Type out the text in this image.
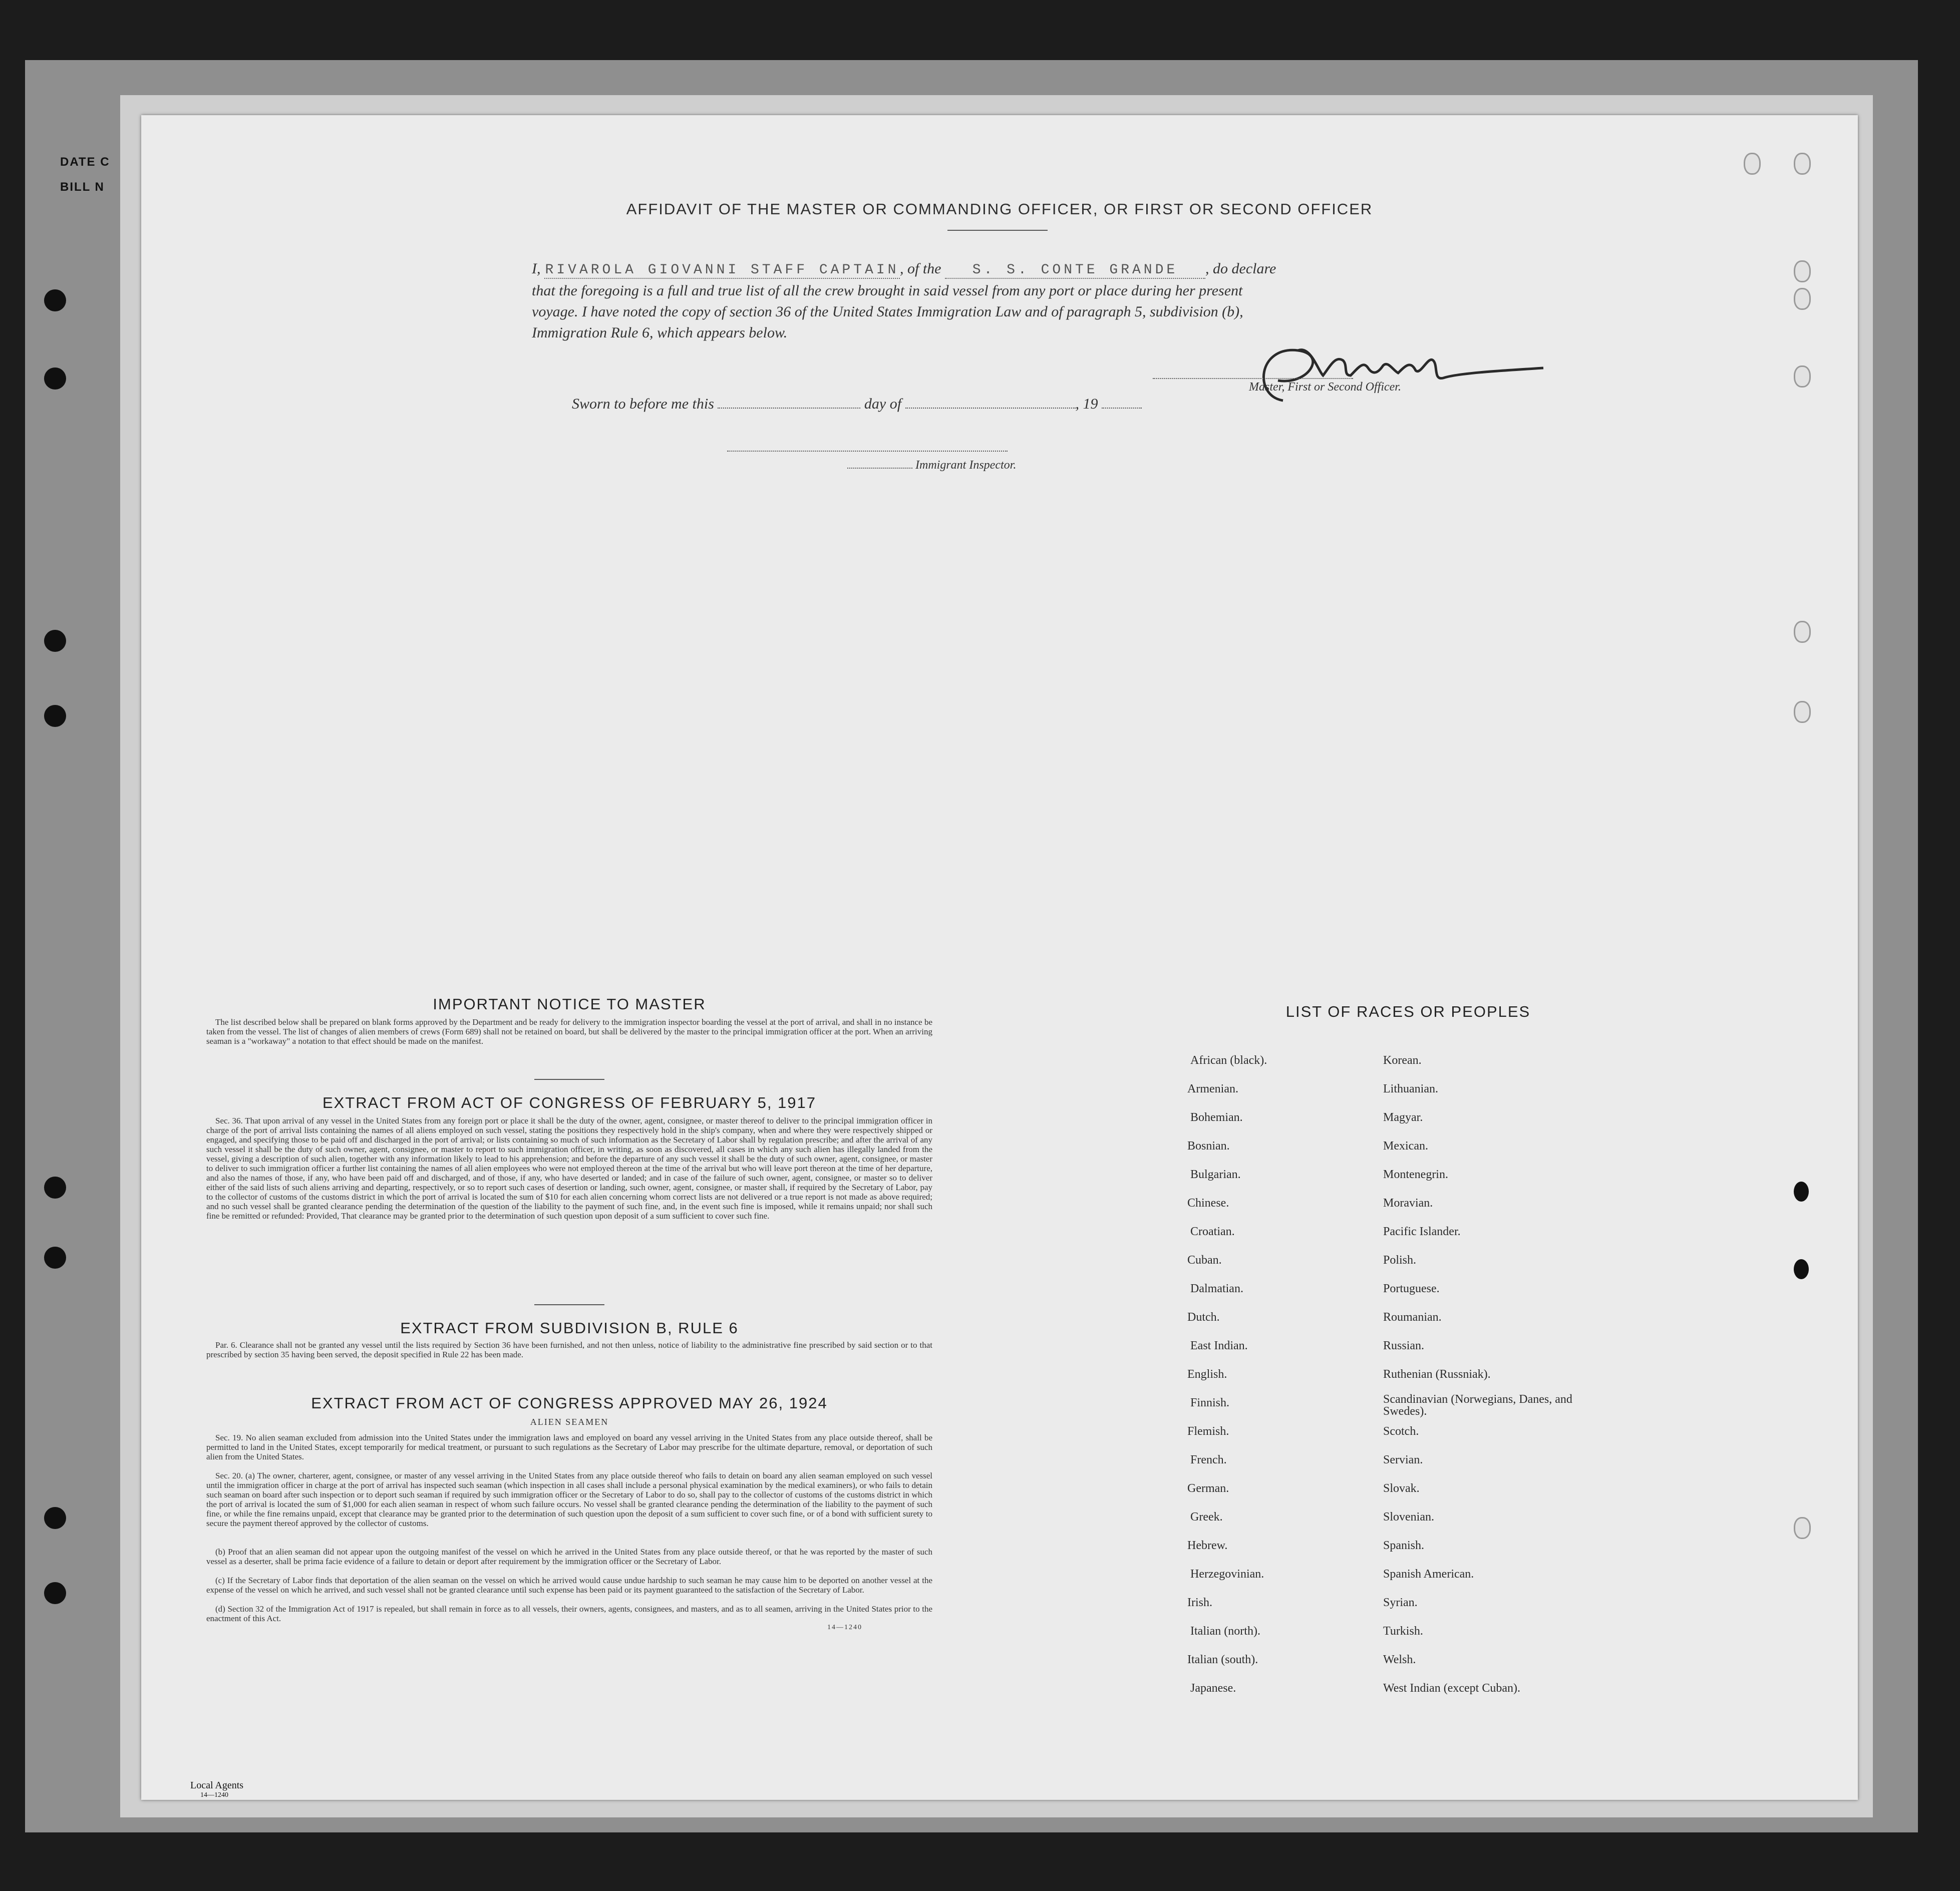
DATE C
BILL N
AFFIDAVIT OF THE MASTER OR COMMANDING OFFICER, OR FIRST OR SECOND OFFICER
I, RIVAROLA GIOVANNI STAFF CAPTAIN, of the S. S. CONTE GRANDE , do declare
that the foregoing is a full and true list of all the crew brought in said vessel from any port or place during her present
voyage. I have noted the copy of section 36 of the United States Immigration Law and of paragraph 5, subdivision (b),
Immigration Rule 6, which appears below.
Master, First or Second Officer.
Sworn to before me this	day of	, 19
Immigrant Inspector.
IMPORTANT NOTICE TO MASTER
The list described below shall be prepared on blank forms approved by the Department and be ready for delivery to the immigration inspector boarding the vessel at the port of arrival, and shall in no instance be taken from the vessel. The list of changes of alien members of crews (Form 689) shall not be retained on board, but shall be delivered by the master to the principal immigration officer at the port. When an arriving seaman is a "workaway" a notation to that effect should be made on the manifest.
EXTRACT FROM ACT OF CONGRESS OF FEBRUARY 5, 1917
Sec. 36. That upon arrival of any vessel in the United States from any foreign port or place it shall be the duty of the owner, agent, consignee, or master thereof to deliver to the principal immigration officer in charge of the port of arrival lists containing the names of all aliens employed on such vessel, stating the positions they respectively hold in the ship's company, when and where they were respectively shipped or engaged, and specifying those to be paid off and discharged in the port of arrival; or lists containing so much of such information as the Secretary of Labor shall by regulation prescribe; and after the arrival of any such vessel it shall be the duty of such owner, agent, consignee, or master to report to such immigration officer, in writing, as soon as discovered, all cases in which any such alien has illegally landed from the vessel, giving a description of such alien, together with any information likely to lead to his apprehension; and before the departure of any such vessel it shall be the duty of such owner, agent, consignee, or master to deliver to such immigration officer a further list containing the names of all alien employees who were not employed thereon at the time of the arrival but who will leave port thereon at the time of her departure, and also the names of those, if any, who have been paid off and discharged, and of those, if any, who have deserted or landed; and in case of the failure of such owner, agent, consignee, or master so to deliver either of the said lists of such aliens arriving and departing, respectively, or so to report such cases of desertion or landing, such owner, agent, consignee, or master shall, if required by the Secretary of Labor, pay to the collector of customs of the customs district in which the port of arrival is located the sum of $10 for each alien concerning whom correct lists are not delivered or a true report is not made as above required; and no such vessel shall be granted clearance pending the determination of the question of the liability to the payment of such fine, and, in the event such fine is imposed, while it remains unpaid; nor shall such fine be remitted or refunded: Provided, That clearance may be granted prior to the determination of such question upon deposit of a sum sufficient to cover such fine.
EXTRACT FROM SUBDIVISION B, RULE 6
Par. 6. Clearance shall not be granted any vessel until the lists required by Section 36 have been furnished, and not then unless, notice of liability to the administrative fine prescribed by said section or to that prescribed by section 35 having been served, the deposit specified in Rule 22 has been made.
EXTRACT FROM ACT OF CONGRESS APPROVED MAY 26, 1924
ALIEN SEAMEN
Sec. 19. No alien seaman excluded from admission into the United States under the immigration laws and employed on board any vessel arriving in the United States from any place outside thereof, shall be permitted to land in the United States, except temporarily for medical treatment, or pursuant to such regulations as the Secretary of Labor may prescribe for the ultimate departure, removal, or deportation of such alien from the United States.
Sec. 20. (a) The owner, charterer, agent, consignee, or master of any vessel arriving in the United States from any place outside thereof who fails to detain on board any alien seaman employed on such vessel until the immigration officer in charge at the port of arrival has inspected such seaman (which inspection in all cases shall include a personal physical examination by the medical examiners), or who fails to detain such seaman on board after such inspection or to deport such seaman if required by such immigration officer or the Secretary of Labor to do so, shall pay to the collector of customs of the customs district in which the port of arrival is located the sum of $1,000 for each alien seaman in respect of whom such failure occurs. No vessel shall be granted clearance pending the determination of the liability to the payment of such fine, or while the fine remains unpaid, except that clearance may be granted prior to the determination of such question upon the deposit of a sum sufficient to cover such fine, or of a bond with sufficient surety to secure the payment thereof approved by the collector of customs.
(b) Proof that an alien seaman did not appear upon the outgoing manifest of the vessel on which he arrived in the United States from any place outside thereof, or that he was reported by the master of such vessel as a deserter, shall be prima facie evidence of a failure to detain or deport after requirement by the immigration officer or the Secretary of Labor.
(c) If the Secretary of Labor finds that deportation of the alien seaman on the vessel on which he arrived would cause undue hardship to such seaman he may cause him to be deported on another vessel at the expense of the vessel on which he arrived, and such vessel shall not be granted clearance until such expense has been paid or its payment guaranteed to the satisfaction of the Secretary of Labor.
(d) Section 32 of the Immigration Act of 1917 is repealed, but shall remain in force as to all vessels, their owners, agents, consignees, and masters, and as to all seamen, arriving in the United States prior to the enactment of this Act.
14—1240
LIST OF RACES OR PEOPLES
African (black).
Armenian.
Bohemian.
Bosnian.
Bulgarian.
Chinese.
Croatian.
Cuban.
Dalmatian.
Dutch.
East Indian.
English.
Finnish.
Flemish.
French.
German.
Greek.
Hebrew.
Herzegovinian.
Irish.
Italian (north).
Italian (south).
Japanese.
Korean.
Lithuanian.
Magyar.
Mexican.
Montenegrin.
Moravian.
Pacific Islander.
Polish.
Portuguese.
Roumanian.
Russian.
Ruthenian (Russniak).
Scandinavian (Norwegians, Danes, and Swedes).
Scotch.
Servian.
Slovak.
Slovenian.
Spanish.
Spanish American.
Syrian.
Turkish.
Welsh.
West Indian (except Cuban).
Local Agents
14—1240
